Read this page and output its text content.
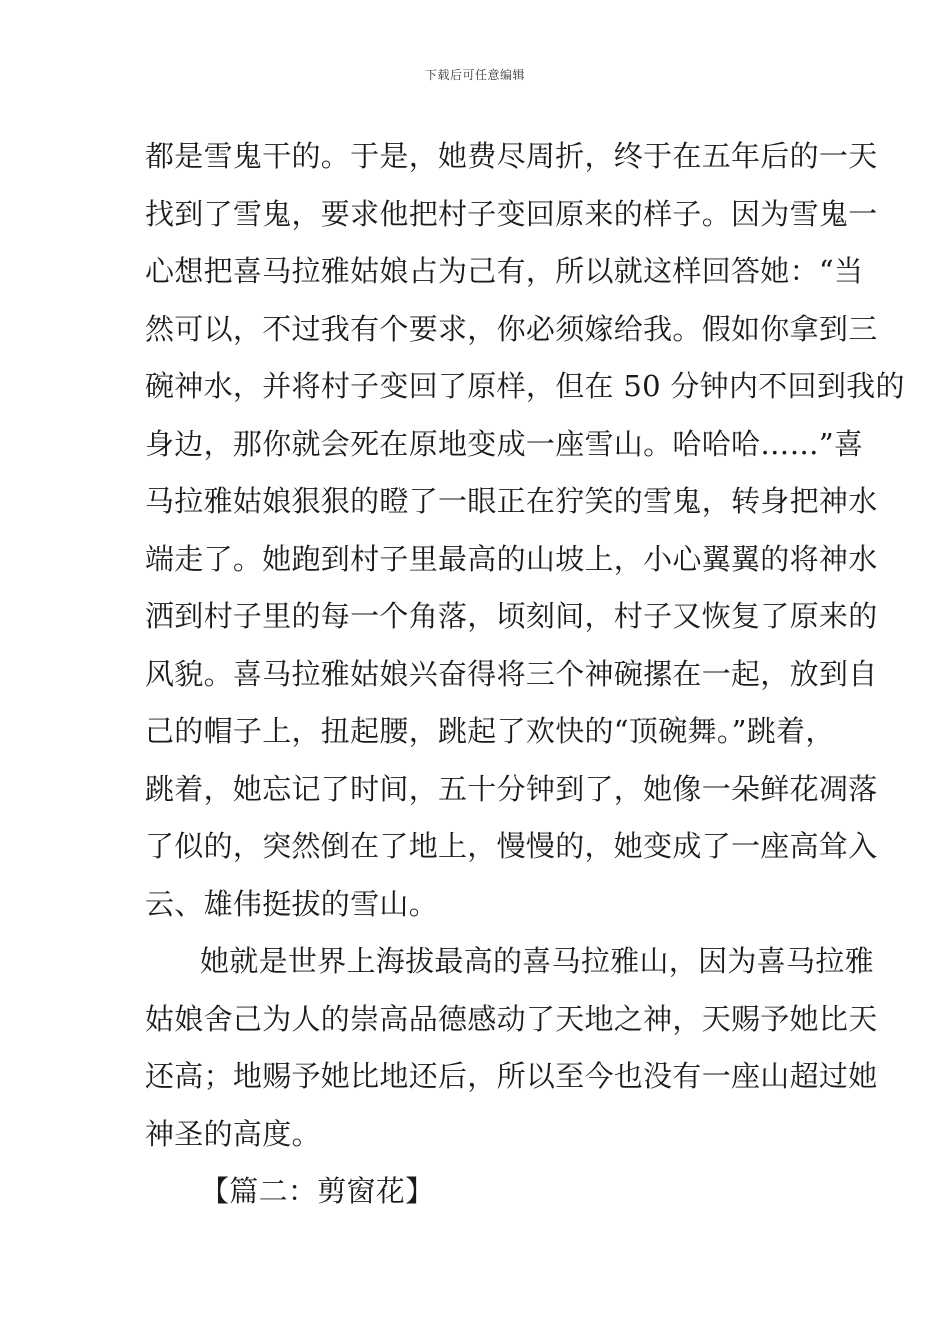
下载后可任意编辑
都是雪鬼干的。于是，她费尽周折，终于在五年后的一天
找到了雪鬼，要求他把村子变回原来的样子。因为雪鬼一
心想把喜马拉雅姑娘占为己有，所以就这样回答她：“当
然可以，不过我有个要求，你必须嫁给我。假如你拿到三
碗神水，并将村子变回了原样，但在 50 分钟内不回到我的
身边，那你就会死在原地变成一座雪山。哈哈哈……”喜
马拉雅姑娘狠狠的瞪了一眼正在狞笑的雪鬼，转身把神水
端走了。她跑到村子里最高的山坡上，小心翼翼的将神水
洒到村子里的每一个角落，顷刻间，村子又恢复了原来的
风貌。喜马拉雅姑娘兴奋得将三个神碗摞在一起，放到自
己的帽子上，扭起腰，跳起了欢快的“顶碗舞。”跳着，
跳着，她忘记了时间，五十分钟到了，她像一朵鲜花凋落
了似的，突然倒在了地上，慢慢的，她变成了一座高耸入
云、雄伟挺拔的雪山。
她就是世界上海拔最高的喜马拉雅山，因为喜马拉雅
姑娘舍己为人的崇高品德感动了天地之神，天赐予她比天
还高；地赐予她比地还后，所以至今也没有一座山超过她
神圣的高度。
【篇二：剪窗花】
